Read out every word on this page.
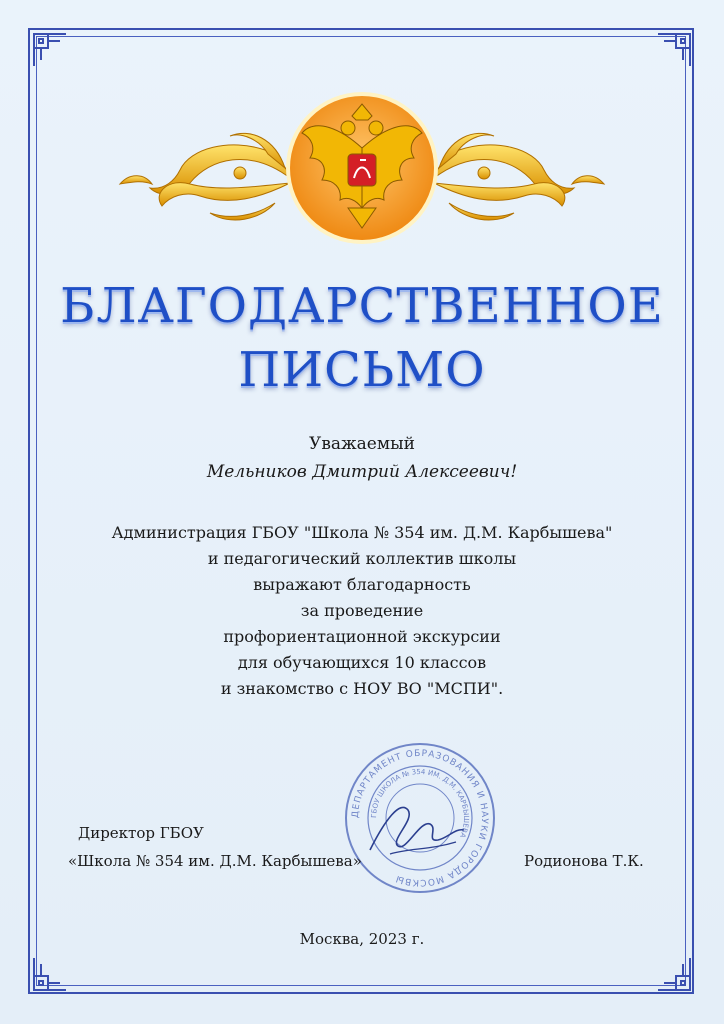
БЛАГОДАРСТВЕННОЕ
ПИСЬМО
Уважаемый
Мельников Дмитрий Алексеевич!
Администрация ГБОУ "Школа № 354 им. Д.М. Карбышева"
и педагогический коллектив школы
выражают благодарность
за проведение
профориентационной экскурсии
для обучающихся 10 классов
и знакомство с НОУ ВО "МСПИ".
ДЕПАРТАМЕНТ ОБРАЗОВАНИЯ И НАУКИ ГОРОДА МОСКВЫ
ГБОУ ШКОЛА № 354 ИМ. Д.М. КАРБЫШЕВА
Директор ГБОУ
«Школа № 354 им. Д.М. Карбышева»	Родионова Т.К.
Москва, 2023 г.
